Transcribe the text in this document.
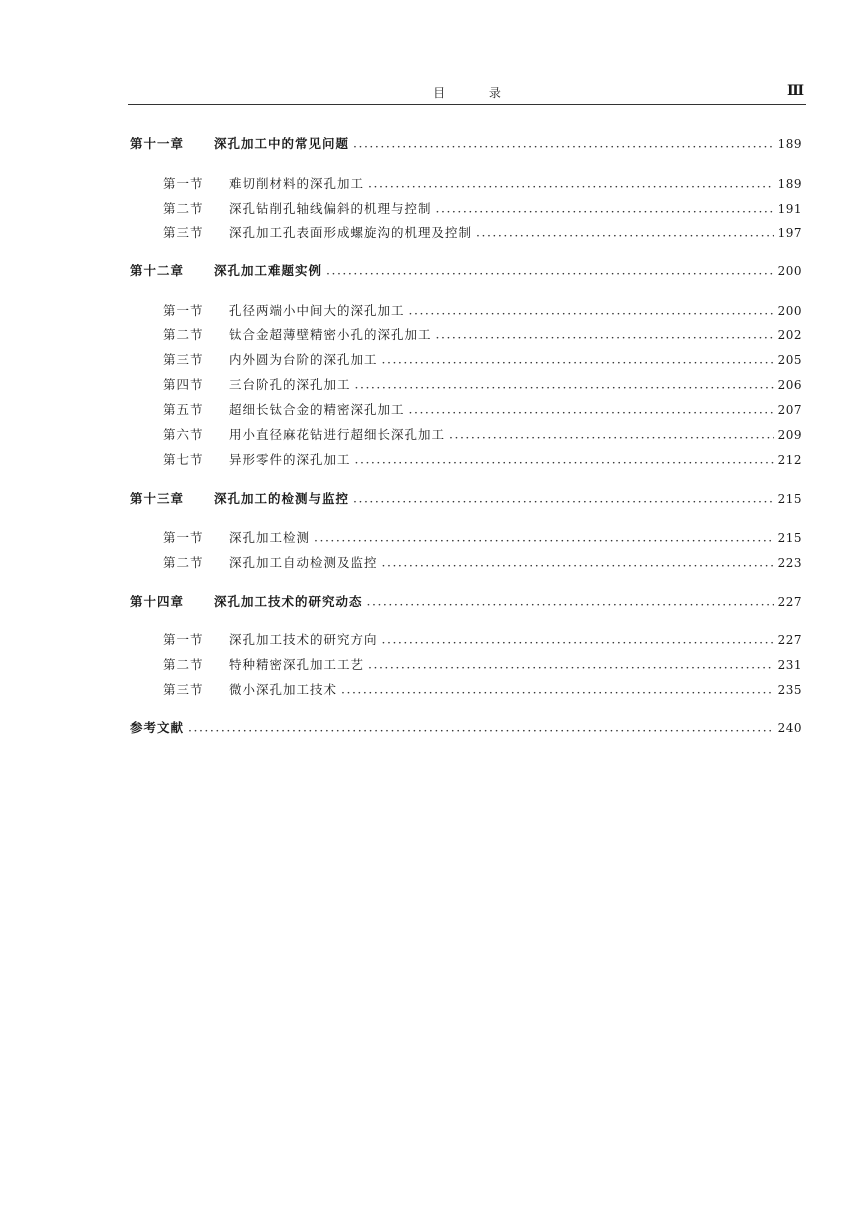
目 录	Ⅲ
第十一章	深孔加工中的常见问题 ·····	189
第一节	难切削材料的深孔加工 ·····	189
第二节	深孔钻削孔轴线偏斜的机理与控制 ·····	191
第三节	深孔加工孔表面形成螺旋沟的机理及控制 ·····	197
第十二章	深孔加工难题实例 ·····	200
第一节	孔径两端小中间大的深孔加工 ·····	200
第二节	钛合金超薄壁精密小孔的深孔加工 ·····	202
第三节	内外圆为台阶的深孔加工 ·····	205
第四节	三台阶孔的深孔加工 ·····	206
第五节	超细长钛合金的精密深孔加工 ·····	207
第六节	用小直径麻花钻进行超细长深孔加工 ·····	209
第七节	异形零件的深孔加工 ·····	212
第十三章	深孔加工的检测与监控 ·····	215
第一节	深孔加工检测 ·····	215
第二节	深孔加工自动检测及监控 ·····	223
第十四章	深孔加工技术的研究动态 ·····	227
第一节	深孔加工技术的研究方向 ·····	227
第二节	特种精密深孔加工工艺 ·····	231
第三节	微小深孔加工技术 ·····	235
参考文献 ·····	240
